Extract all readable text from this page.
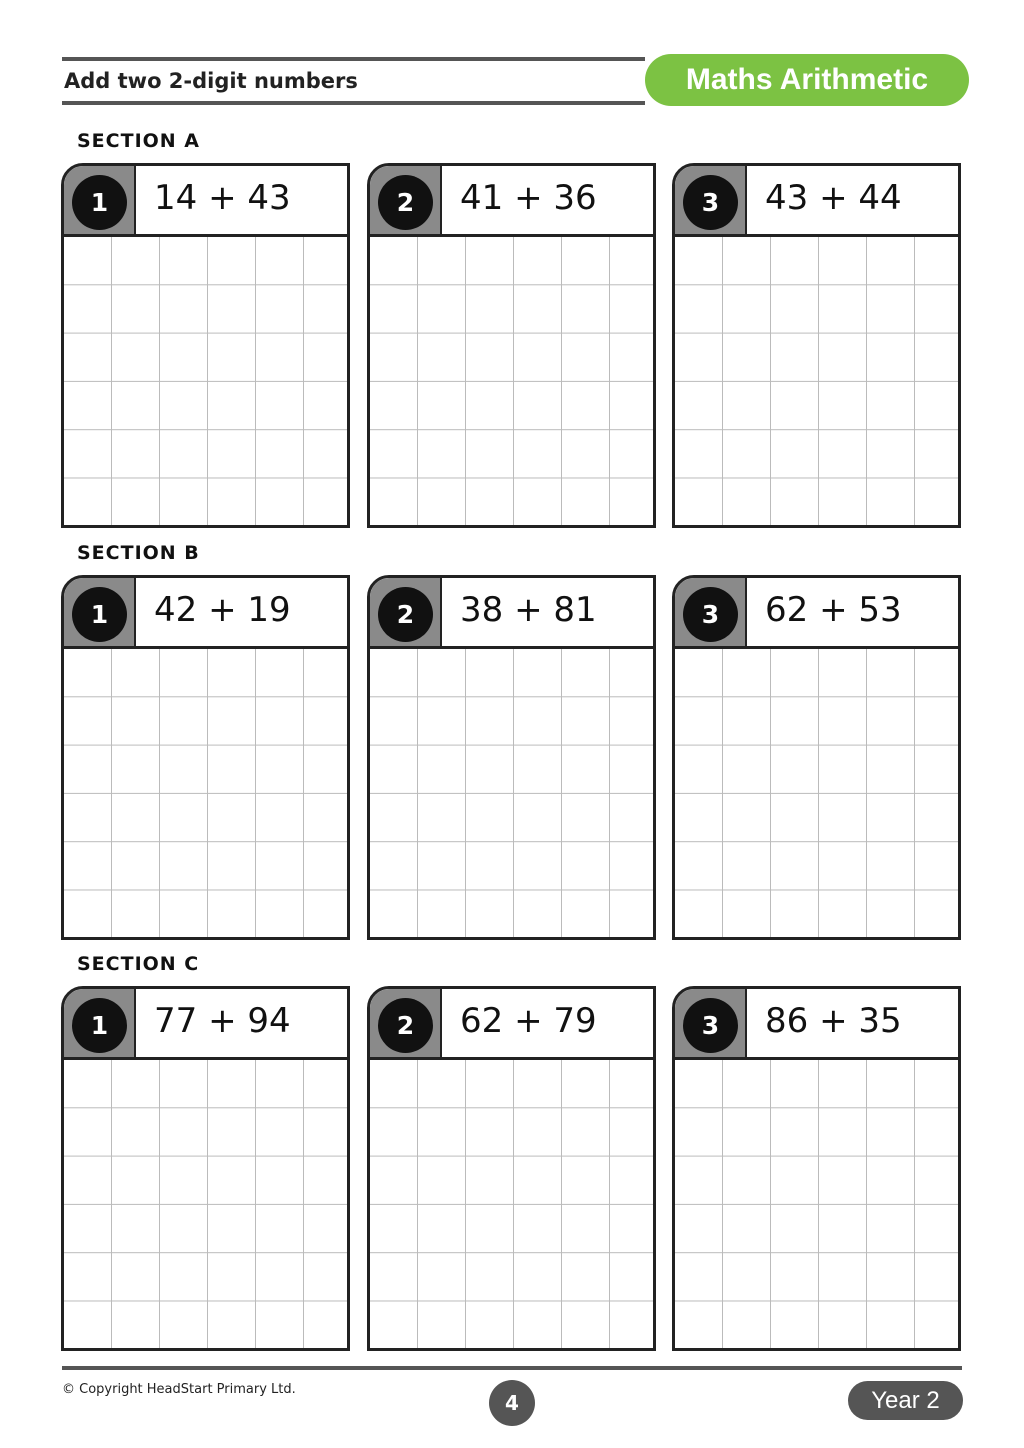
Add two 2-digit numbers	Maths Arithmetic
SECTION A
1	14 + 43	2	41 + 36	3	43 + 44
SECTION B
1	42 + 19	2	38 + 81	3	62 + 53
SECTION C
1	77 + 94	2	62 + 79	3	86 + 35
© Copyright HeadStart Primary Ltd.
4	Year 2
